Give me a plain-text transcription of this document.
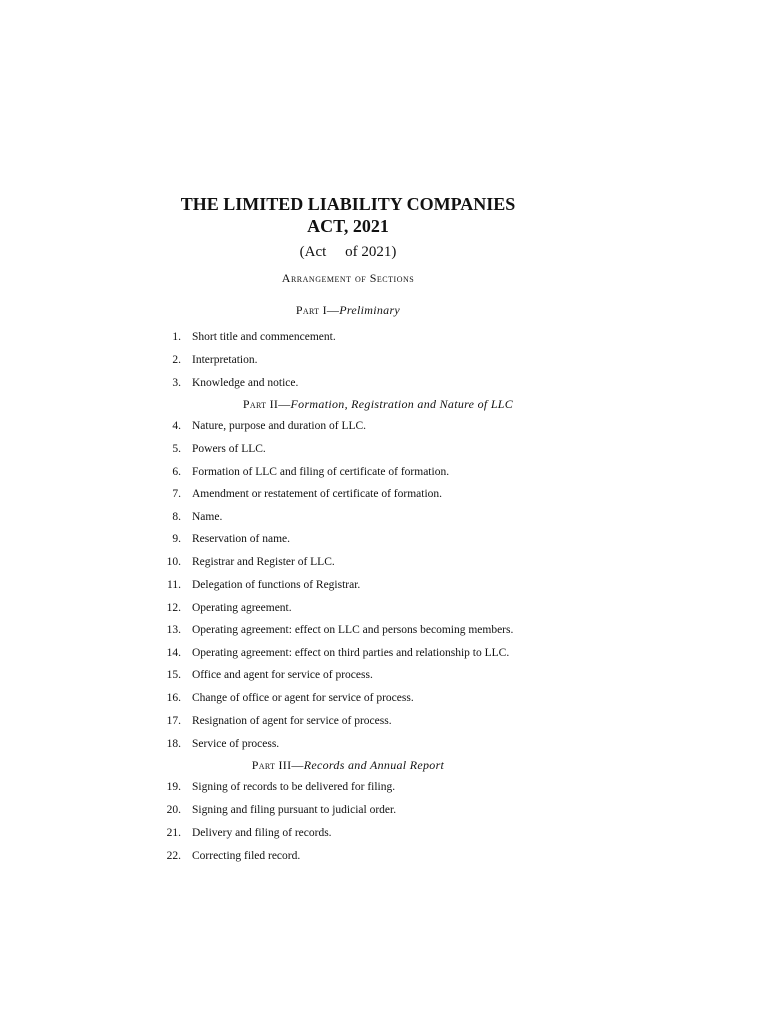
THE LIMITED LIABILITY COMPANIES
ACT, 2021
(Act     of 2021)
Arrangement of Sections
Part I—Preliminary
1. Short title and commencement.
2. Interpretation.
3. Knowledge and notice.
Part II—Formation, Registration and Nature of LLC
4. Nature, purpose and duration of LLC.
5. Powers of LLC.
6. Formation of LLC and filing of certificate of formation.
7. Amendment or restatement of certificate of formation.
8. Name.
9. Reservation of name.
10. Registrar and Register of LLC.
11. Delegation of functions of Registrar.
12. Operating agreement.
13. Operating agreement: effect on LLC and persons becoming members.
14. Operating agreement: effect on third parties and relationship to LLC.
15. Office and agent for service of process.
16. Change of office or agent for service of process.
17. Resignation of agent for service of process.
18. Service of process.
Part III—Records and Annual Report
19. Signing of records to be delivered for filing.
20. Signing and filing pursuant to judicial order.
21. Delivery and filing of records.
22. Correcting filed record.
